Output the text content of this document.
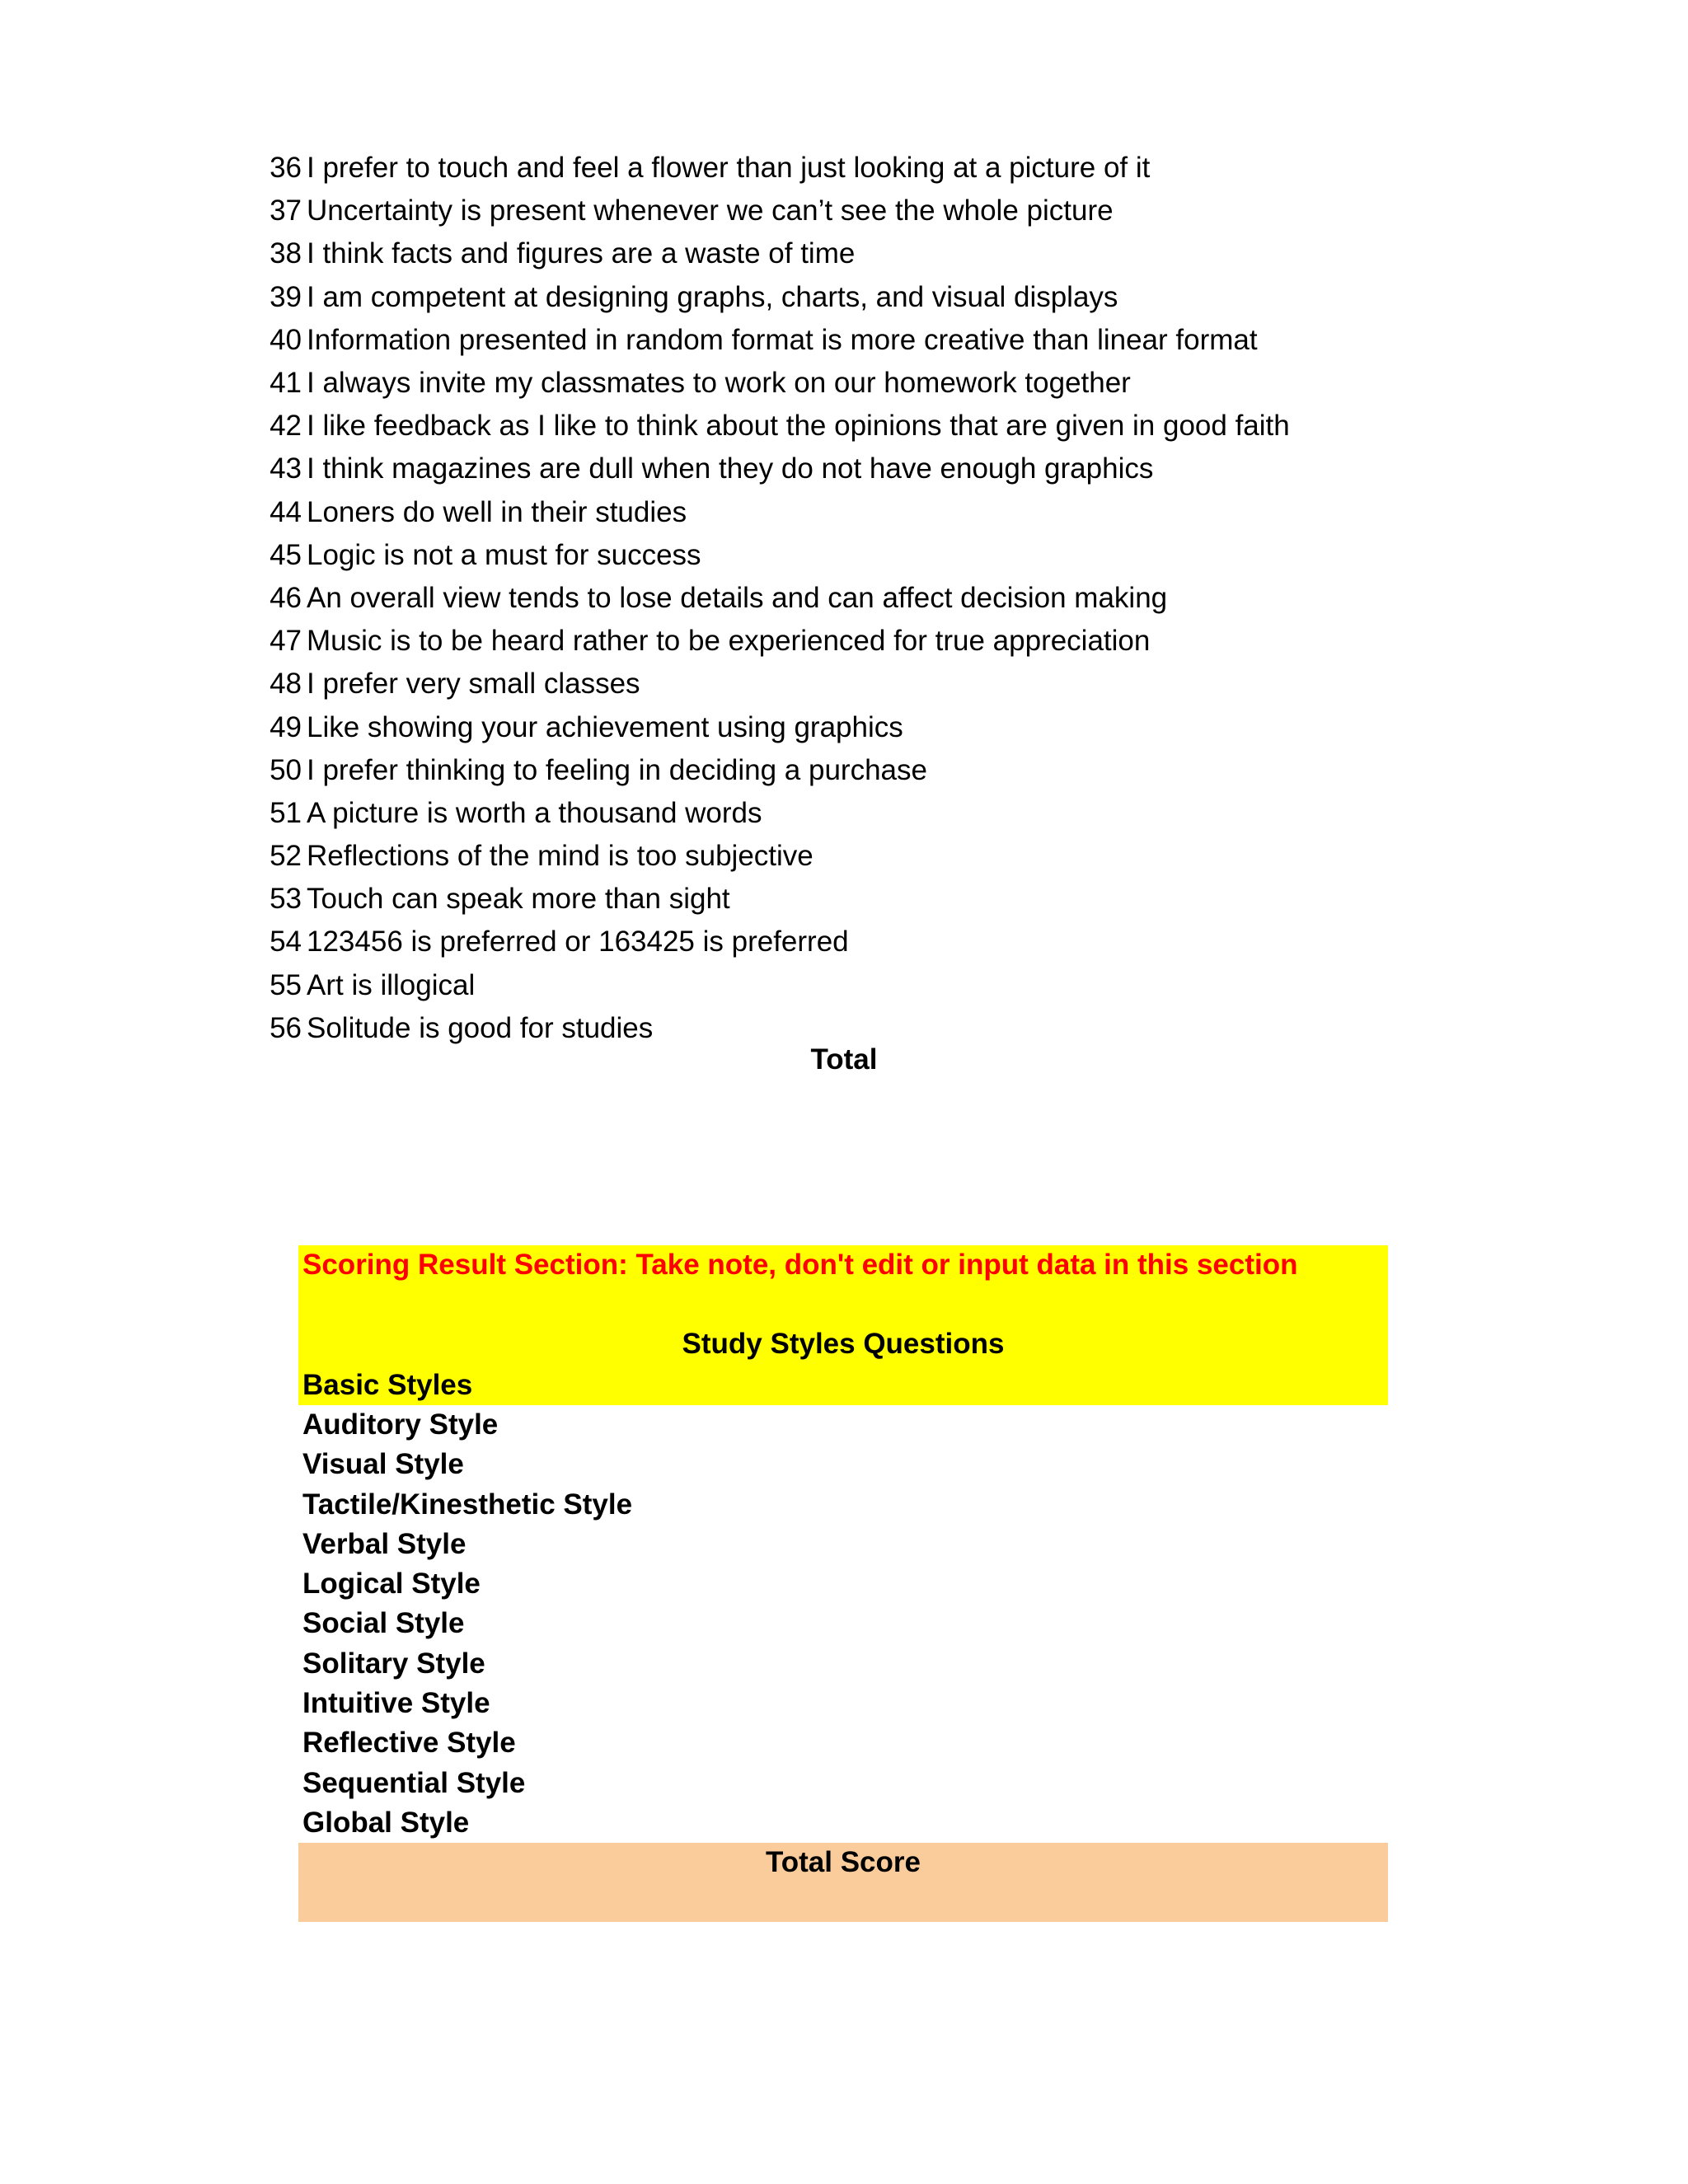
36 I prefer to touch and feel a flower than just looking at a picture of it
37 Uncertainty is present whenever we can’t see the whole picture
38 I think facts and figures are a waste of time
39 I am competent at designing graphs, charts, and visual displays
40 Information presented in random format is more creative than linear format
41 I always invite my classmates to work on our homework together
42 I like feedback as I like to think about the opinions that are given in good faith
43 I think magazines are dull when they do not have enough graphics
44 Loners do well in their studies
45 Logic is not a must for success
46 An overall view tends to lose details and can affect decision making
47 Music is to be heard rather to be experienced for true appreciation
48 I prefer very small classes
49 Like showing your achievement using graphics
50 I prefer thinking to feeling in deciding a purchase
51 A picture is worth a thousand words
52 Reflections of the mind is too subjective
53 Touch can speak more than sight
54 123456 is preferred or 163425 is preferred
55 Art is illogical
56 Solitude is good for studies
Total
Scoring Result Section: Take note, don't edit or input data in this section
Study Styles Questions
Basic Styles
Auditory Style
Visual Style
Tactile/Kinesthetic Style
Verbal Style
Logical Style
Social Style
Solitary Style
Intuitive Style
Reflective Style
Sequential Style
Global Style
Total Score
